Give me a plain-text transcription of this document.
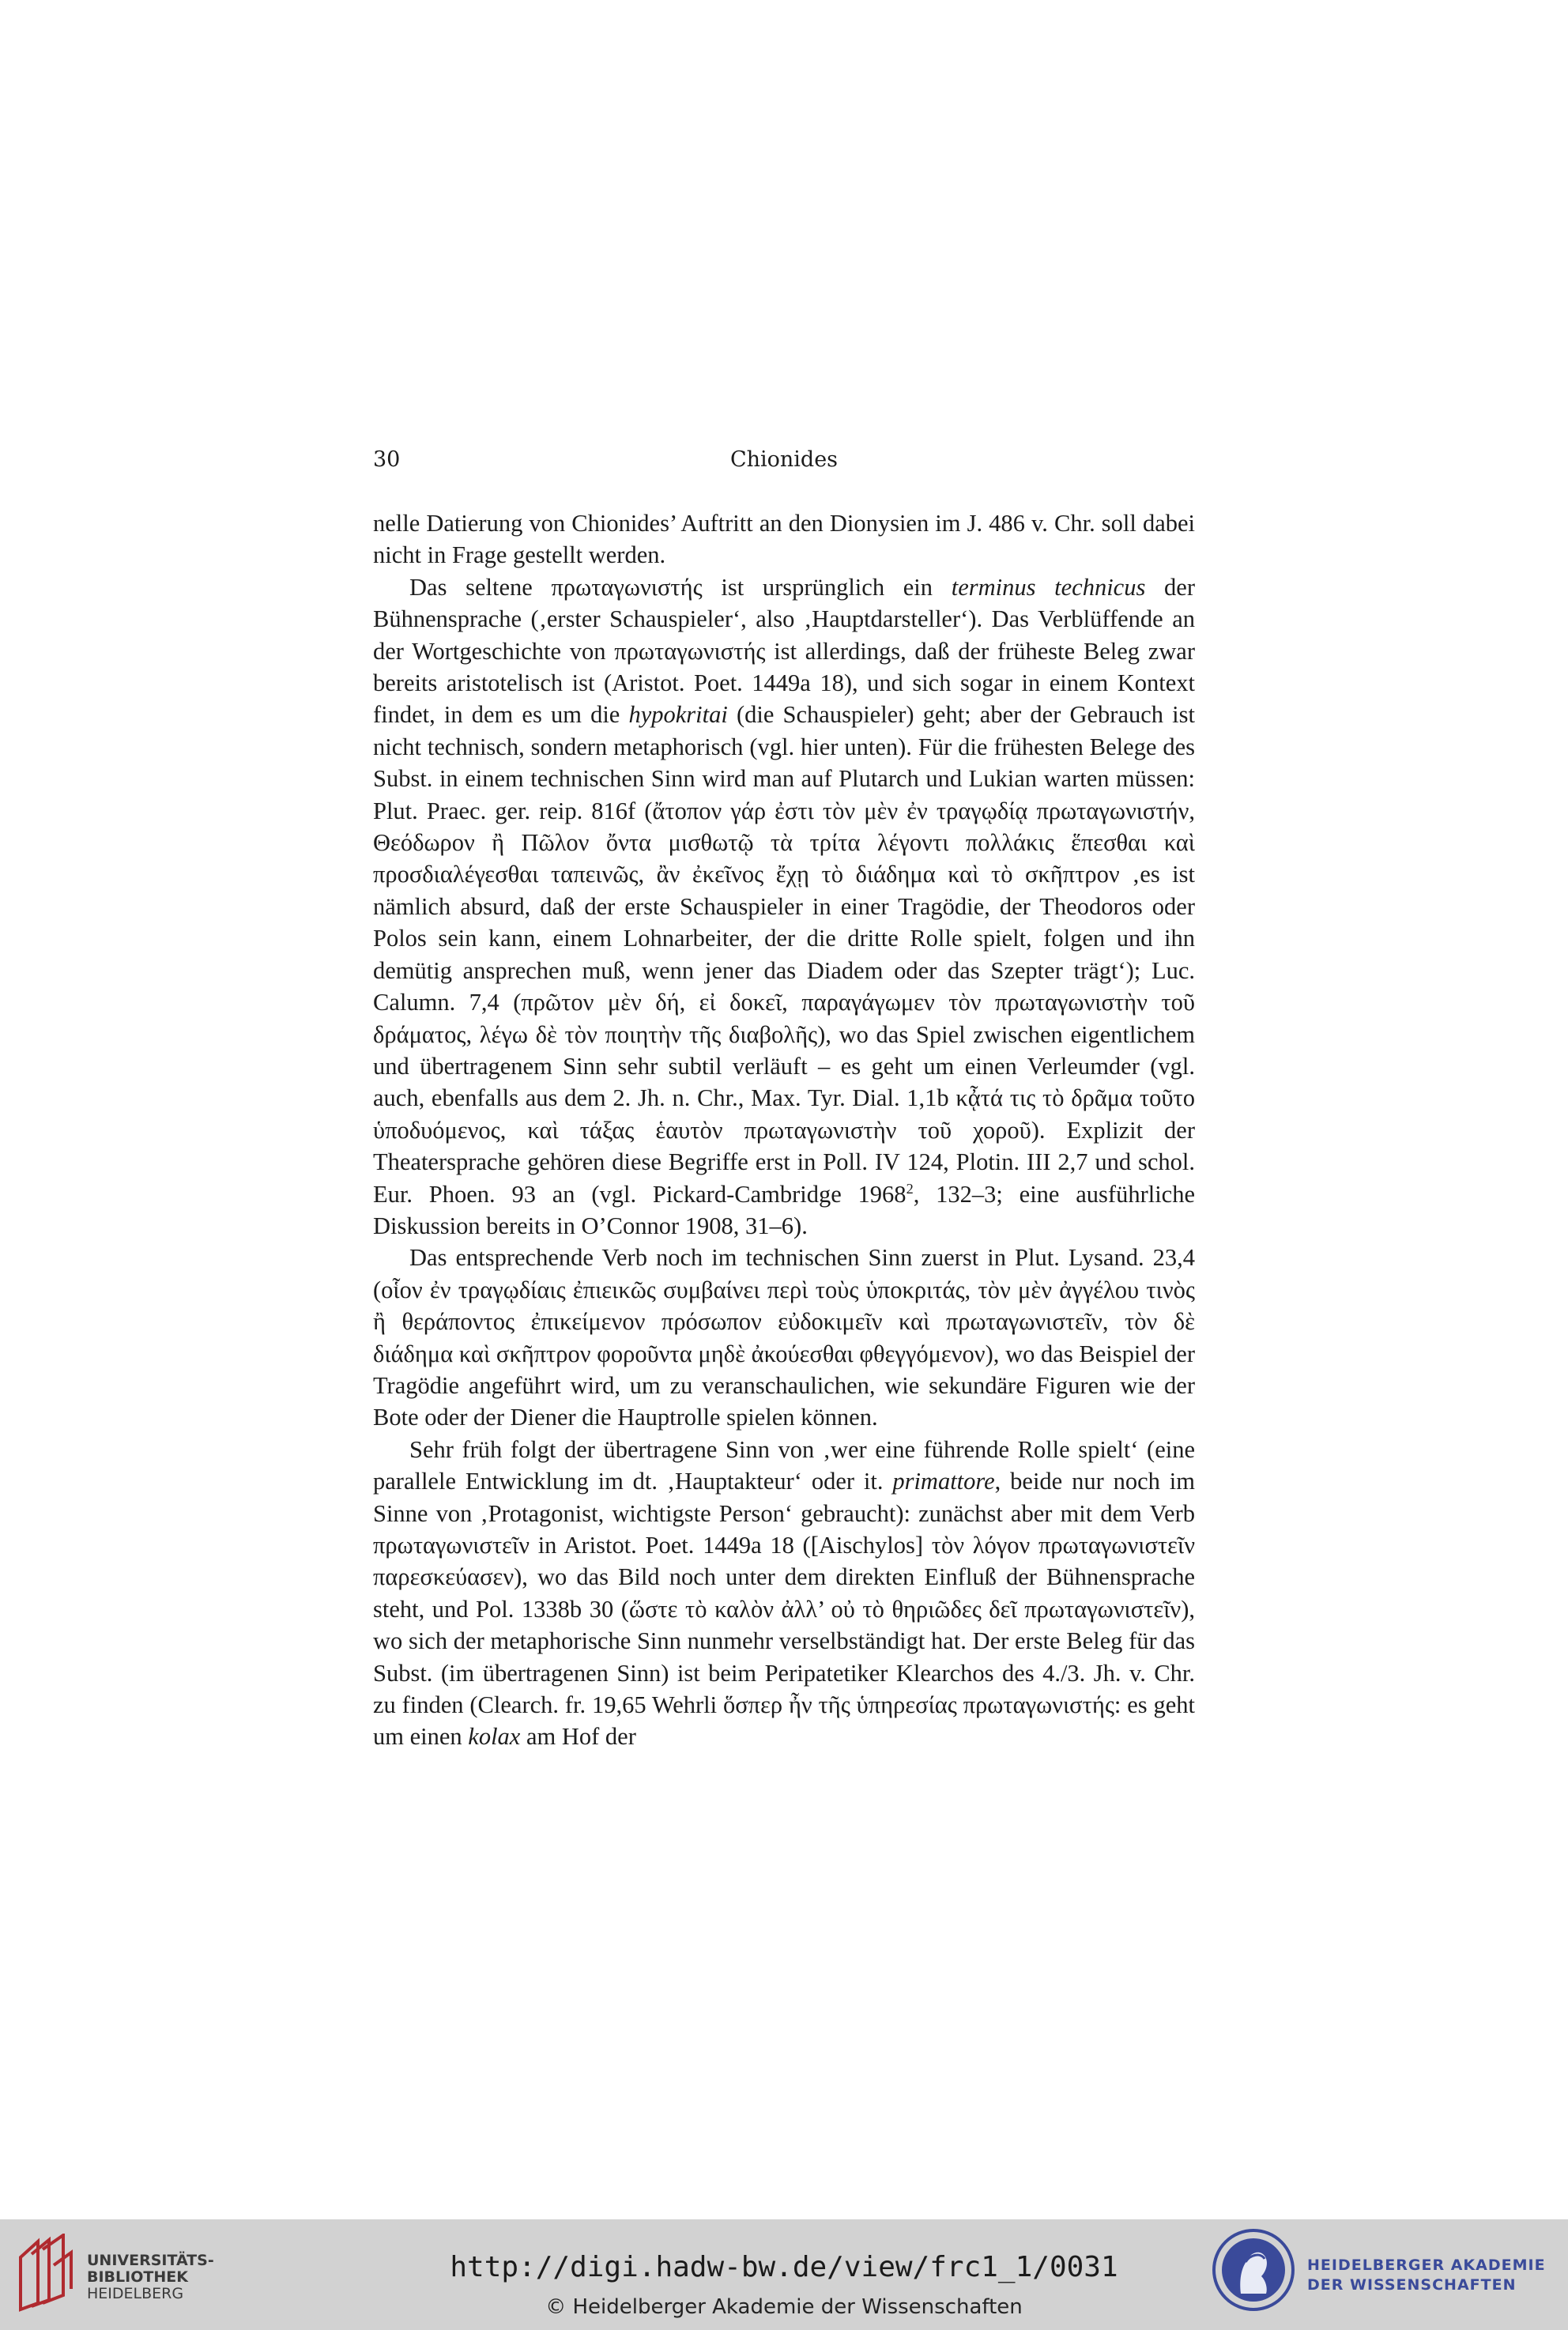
30	Chionides

nelle Datierung von Chionides’ Auftritt an den Dionysien im J. 486 v. Chr. soll dabei nicht in Frage gestellt werden.

Das seltene πρωταγωνιστής ist ursprünglich ein terminus technicus der Bühnensprache (‚erster Schauspieler‘, also ‚Hauptdarsteller‘). Das Verblüffende an der Wortgeschichte von πρωταγωνιστής ist allerdings, daß der früheste Beleg zwar bereits aristotelisch ist (Aristot. Poet. 1449a 18), und sich sogar in einem Kontext findet, in dem es um die hypokritai (die Schauspieler) geht; aber der Gebrauch ist nicht technisch, sondern metaphorisch (vgl. hier unten). Für die frühesten Belege des Subst. in einem technischen Sinn wird man auf Plutarch und Lukian warten müssen: Plut. Praec. ger. reip. 816f (ἄτοπον γάρ ἐστι τὸν μὲν ἐν τραγῳδίᾳ πρωταγωνιστήν, Θεόδωρον ἢ Πῶλον ὄντα μισθωτῷ τὰ τρίτα λέγοντι πολλάκις ἕπεσθαι καὶ προσδιαλέγεσθαι ταπεινῶς, ἂν ἐκεῖνος ἔχῃ τὸ διάδημα καὶ τὸ σκῆπτρον ‚es ist nämlich absurd, daß der erste Schauspieler in einer Tragödie, der Theodoros oder Polos sein kann, einem Lohnarbeiter, der die dritte Rolle spielt, folgen und ihn demütig ansprechen muß, wenn jener das Diadem oder das Szepter trägt‘); Luc. Calumn. 7,4 (πρῶτον μὲν δή, εἰ δοκεῖ, παραγάγωμεν τὸν πρωταγωνιστὴν τοῦ δράματος, λέγω δὲ τὸν ποιητὴν τῆς διαβολῆς), wo das Spiel zwischen eigentlichem und übertragenem Sinn sehr subtil verläuft – es geht um einen Verleumder (vgl. auch, ebenfalls aus dem 2. Jh. n. Chr., Max. Tyr. Dial. 1,1b κᾆτά τις τὸ δρᾶμα τοῦτο ὑποδυόμενος, καὶ τάξας ἑαυτὸν πρωταγωνιστὴν τοῦ χοροῦ). Explizit der Theatersprache gehören diese Begriffe erst in Poll. IV 124, Plotin. III 2,7 und schol. Eur. Phoen. 93 an (vgl. Pickard-Cambridge 1968$^2$, 132–3; eine ausführliche Diskussion bereits in O’Connor 1908, 31–6).

Das entsprechende Verb noch im technischen Sinn zuerst in Plut. Lysand. 23,4 (οἷον ἐν τραγῳδίαις ἐπιεικῶς συμβαίνει περὶ τοὺς ὑποκριτάς, τὸν μὲν ἀγγέλου τινὸς ἢ θεράποντος ἐπικείμενον πρόσωπον εὐδοκιμεῖν καὶ πρωταγωνιστεῖν, τὸν δὲ διάδημα καὶ σκῆπτρον φοροῦντα μηδὲ ἀκούεσθαι φθεγγόμενον), wo das Beispiel der Tragödie angeführt wird, um zu veranschaulichen, wie sekundäre Figuren wie der Bote oder der Diener die Hauptrolle spielen können.

Sehr früh folgt der übertragene Sinn von ‚wer eine führende Rolle spielt‘ (eine parallele Entwicklung im dt. ‚Hauptakteur‘ oder it. primattore, beide nur noch im Sinne von ‚Protagonist, wichtigste Person‘ gebraucht): zunächst aber mit dem Verb πρωταγωνιστεῖν in Aristot. Poet. 1449a 18 ([Aischylos] τὸν λόγον πρωταγωνιστεῖν παρεσκεύασεν), wo das Bild noch unter dem direkten Einfluß der Bühnensprache steht, und Pol. 1338b 30 (ὥστε τὸ καλὸν ἀλλ’ οὐ τὸ θηριῶδες δεῖ πρωταγωνιστεῖν), wo sich der metaphorische Sinn nunmehr verselbständigt hat. Der erste Beleg für das Subst. (im übertragenen Sinn) ist beim Peripatetiker Klearchos des 4./3. Jh. v. Chr. zu finden (Clearch. fr. 19,65 Wehrli ὅσπερ ἦν τῆς ὑπηρεσίας πρωταγωνιστής: es geht um einen kolax am Hof der

UNIVERSITÄTS-
BIBLIOTHEK
HEIDELBERG
http://digi.hadw-bw.de/view/frc1_1/0031
© Heidelberger Akademie der Wissenschaften
HEIDELBERGER AKADEMIE
DER WISSENSCHAFTEN
